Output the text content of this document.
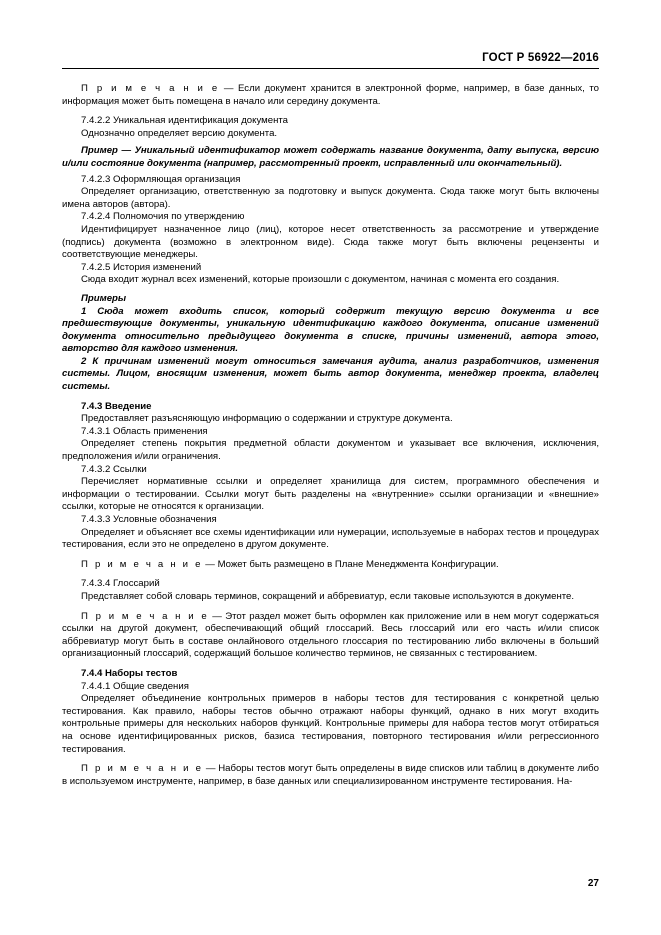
ГОСТ Р 56922—2016

П р и м е ч а н и е — Если документ хранится в электронной форме, например, в базе данных, то информация может быть помещена в начало или середину документа.

7.4.2.2 Уникальная идентификация документа

Однозначно определяет версию документа.

Пример — Уникальный идентификатор может содержать название документа, дату выпуска, версию и/или состояние документа (например, рассмотренный проект, исправленный или окончательный).

7.4.2.3 Оформляющая организация

Определяет организацию, ответственную за подготовку и выпуск документа. Сюда также могут быть включены имена авторов (автора).

7.4.2.4 Полномочия по утверждению

Идентифицирует назначенное лицо (лиц), которое несет ответственность за рассмотрение и утверждение (подпись) документа (возможно в электронном виде). Сюда также могут быть включены рецензенты и соответствующие менеджеры.

7.4.2.5 История изменений

Сюда входит журнал всех изменений, которые произошли с документом, начиная с момента его создания.

Примеры

1 Сюда может входить список, который содержит текущую версию документа и все предшествующие документы, уникальную идентификацию каждого документа, описание изменений документа относительно предыдущего документа в списке, причины изменений, автора этого, авторство для каждого изменения.

2 К причинам изменений могут относиться замечания аудита, анализ разработчиков, изменения системы. Лицом, вносящим изменения, может быть автор документа, менеджер проекта, владелец системы.

7.4.3 Введение

Предоставляет разъясняющую информацию о содержании и структуре документа.

7.4.3.1 Область применения

Определяет степень покрытия предметной области документом и указывает все включения, исключения, предположения и/или ограничения.

7.4.3.2 Ссылки

Перечисляет нормативные ссылки и определяет хранилища для систем, программного обеспечения и информации о тестировании. Ссылки могут быть разделены на «внутренние» ссылки организации и «внешние» ссылки, которые не относятся к организации.

7.4.3.3 Условные обозначения

Определяет и объясняет все схемы идентификации или нумерации, используемые в наборах тестов и процедурах тестирования, если это не определено в другом документе.

П р и м е ч а н и е — Может быть размещено в Плане Менеджмента Конфигурации.

7.4.3.4 Глоссарий

Представляет собой словарь терминов, сокращений и аббревиатур, если таковые используются в документе.

П р и м е ч а н и е — Этот раздел может быть оформлен как приложение или в нем могут содержаться ссылки на другой документ, обеспечивающий общий глоссарий. Весь глоссарий или его часть и/или список аббревиатур могут быть в составе онлайнового отдельного глоссария по тестированию либо включены в больший организационный глоссарий, содержащий большое количество терминов, не связанных с тестированием.

7.4.4 Наборы тестов

7.4.4.1 Общие сведения

Определяет объединение контрольных примеров в наборы тестов для тестирования с конкретной целью тестирования. Как правило, наборы тестов обычно отражают наборы функций, однако в них могут входить контрольные примеры для нескольких наборов функций. Контрольные примеры для набора тестов могут отбираться на основе идентифицированных рисков, базиса тестирования, повторного тестирования и/или регрессионного тестирования.

П р и м е ч а н и е — Наборы тестов могут быть определены в виде списков или таблиц в документе либо в используемом инструменте, например, в базе данных или специализированном инструменте тестирования. На-

27
